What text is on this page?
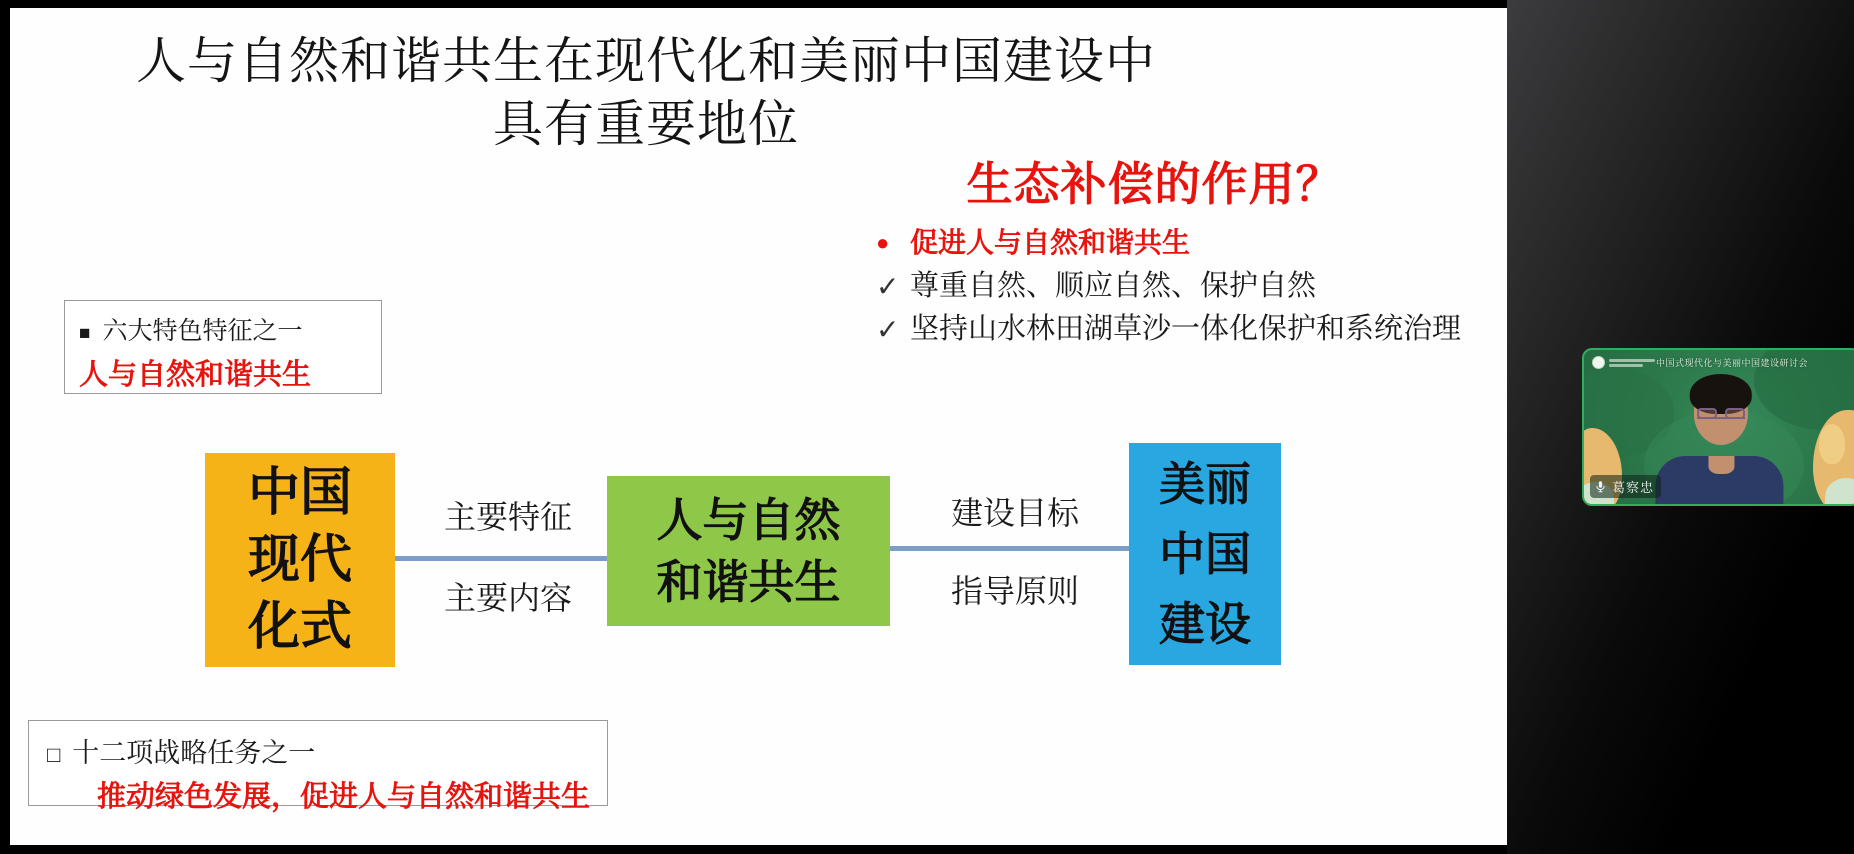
人与自然和谐共生在现代化和美丽中国建设中
具有重要地位
生态补偿的作用？
● 促进人与自然和谐共生
✓ 尊重自然、顺应自然、保护自然
✓ 坚持山水林田湖草沙一体化保护和系统治理
■ 六大特色特征之一
人与自然和谐共生
中国
现代
化式
主要特征
主要内容
人与自然
和谐共生
建设目标
指导原则
美丽
中国
建设
□ 十二项战略任务之一
推动绿色发展，促进人与自然和谐共生
中国式现代化与美丽中国建设研讨会
葛察忠
